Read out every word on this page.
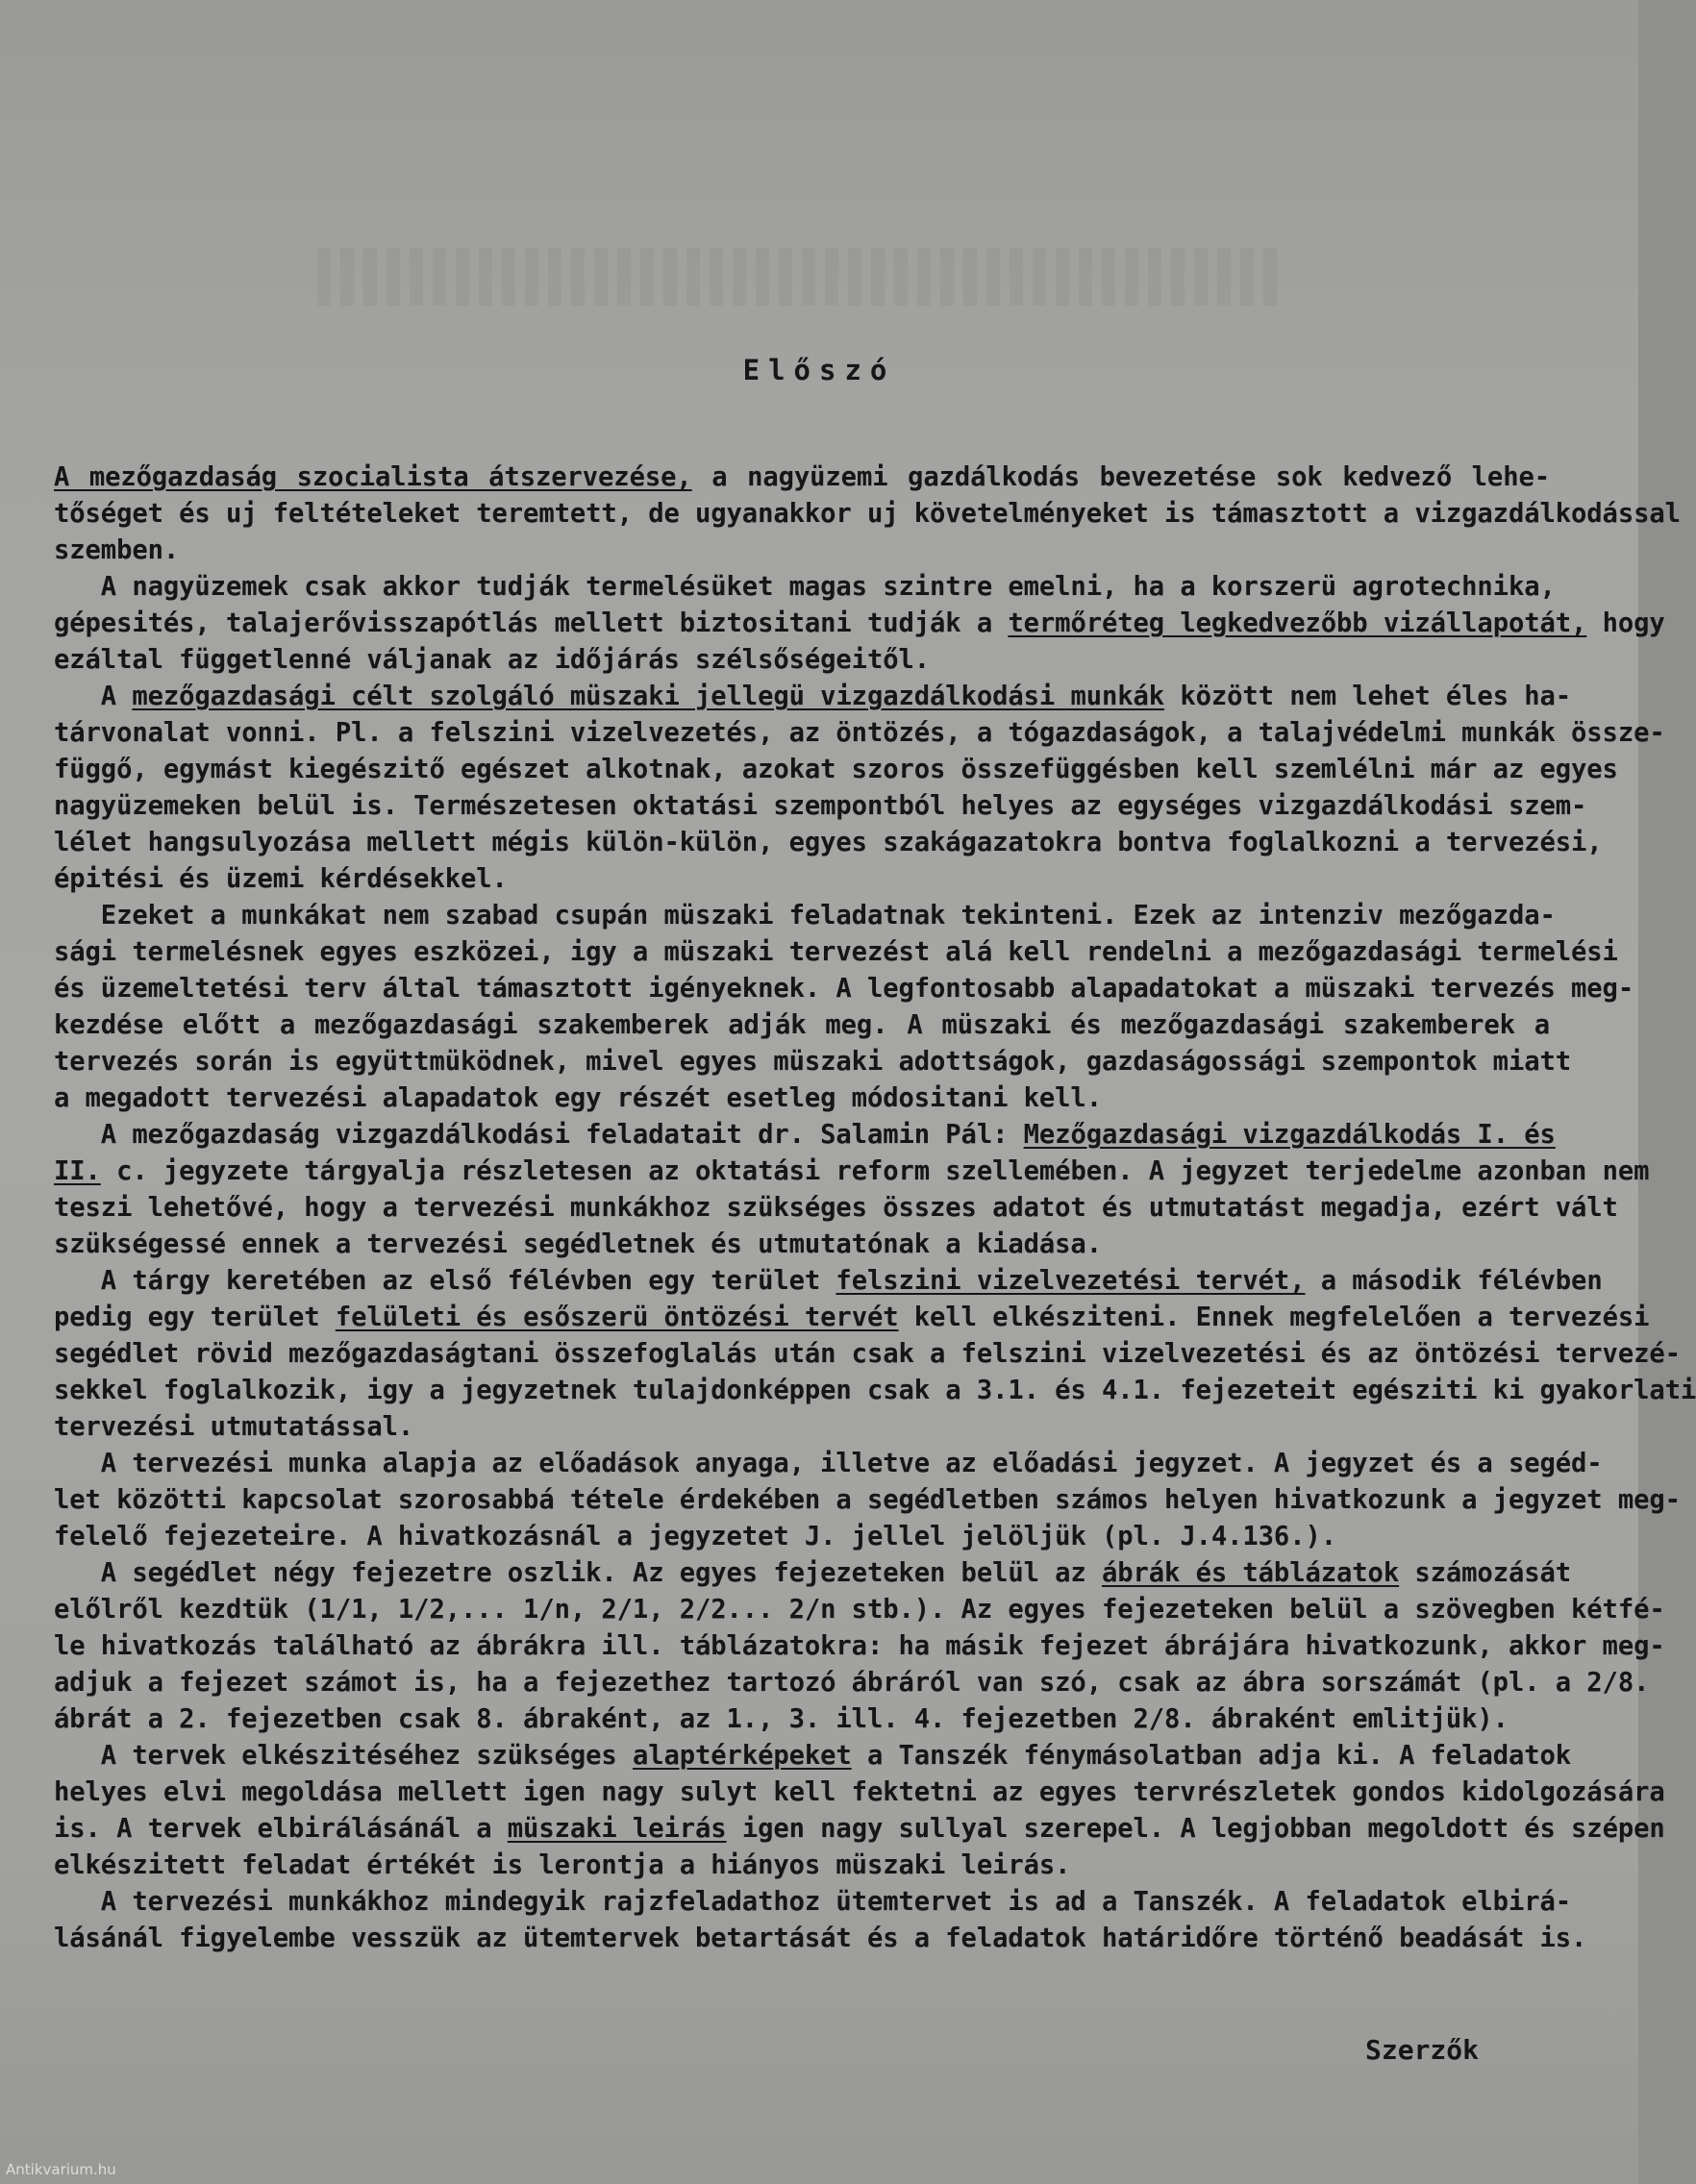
Előszó
A mezőgazdaság szocialista átszervezése, a nagyüzemi gazdálkodás bevezetése sok kedvező lehe-
tőséget és uj feltételeket teremtett, de ugyanakkor uj követelményeket is támasztott a vizgazdálkodással
szemben.
A nagyüzemek csak akkor tudják termelésüket magas szintre emelni, ha a korszerü agrotechnika,
gépesités, talajerővisszapótlás mellett biztositani tudják a termőréteg legkedvezőbb vizállapotát, hogy
ezáltal függetlenné váljanak az időjárás szélsőségeitől.
A mezőgazdasági célt szolgáló müszaki jellegü vizgazdálkodási munkák között nem lehet éles ha-
tárvonalat vonni. Pl. a felszini vizelvezetés, az öntözés, a tógazdaságok, a talajvédelmi munkák össze-
függő, egymást kiegészitő egészet alkotnak, azokat szoros összefüggésben kell szemlélni már az egyes
nagyüzemeken belül is. Természetesen oktatási szempontból helyes az egységes vizgazdálkodási szem-
lélet hangsulyozása mellett mégis külön-külön, egyes szakágazatokra bontva foglalkozni a tervezési,
épitési és üzemi kérdésekkel.
Ezeket a munkákat nem szabad csupán müszaki feladatnak tekinteni. Ezek az intenziv mezőgazda-
sági termelésnek egyes eszközei, igy a müszaki tervezést alá kell rendelni a mezőgazdasági termelési
és üzemeltetési terv által támasztott igényeknek. A legfontosabb alapadatokat a müszaki tervezés meg-
kezdése előtt a mezőgazdasági szakemberek adják meg. A müszaki és mezőgazdasági szakemberek a
tervezés során is együttmüködnek, mivel egyes müszaki adottságok, gazdaságossági szempontok miatt
a megadott tervezési alapadatok egy részét esetleg módositani kell.
A mezőgazdaság vizgazdálkodási feladatait dr. Salamin Pál: Mezőgazdasági vizgazdálkodás I. és
II. c. jegyzete tárgyalja részletesen az oktatási reform szellemében. A jegyzet terjedelme azonban nem
teszi lehetővé, hogy a tervezési munkákhoz szükséges összes adatot és utmutatást megadja, ezért vált
szükségessé ennek a tervezési segédletnek és utmutatónak a kiadása.
A tárgy keretében az első félévben egy terület felszini vizelvezetési tervét, a második félévben
pedig egy terület felületi és esőszerü öntözési tervét kell elkésziteni. Ennek megfelelően a tervezési
segédlet rövid mezőgazdaságtani összefoglalás után csak a felszini vizelvezetési és az öntözési tervezé-
sekkel foglalkozik, igy a jegyzetnek tulajdonképpen csak a 3.1. és 4.1. fejezeteit egésziti ki gyakorlati
tervezési utmutatással.
A tervezési munka alapja az előadások anyaga, illetve az előadási jegyzet. A jegyzet és a segéd-
let közötti kapcsolat szorosabbá tétele érdekében a segédletben számos helyen hivatkozunk a jegyzet meg-
felelő fejezeteire. A hivatkozásnál a jegyzetet J. jellel jelöljük (pl. J.4.136.).
A segédlet négy fejezetre oszlik. Az egyes fejezeteken belül az ábrák és táblázatok számozását
előlről kezdtük (1/1, 1/2,... 1/n, 2/1, 2/2... 2/n stb.). Az egyes fejezeteken belül a szövegben kétfé-
le hivatkozás található az ábrákra ill. táblázatokra: ha másik fejezet ábrájára hivatkozunk, akkor meg-
adjuk a fejezet számot is, ha a fejezethez tartozó ábráról van szó, csak az ábra sorszámát (pl. a 2/8.
ábrát a 2. fejezetben csak 8. ábraként, az 1., 3. ill. 4. fejezetben 2/8. ábraként emlitjük).
A tervek elkészitéséhez szükséges alaptérképeket a Tanszék fénymásolatban adja ki. A feladatok
helyes elvi megoldása mellett igen nagy sulyt kell fektetni az egyes tervrészletek gondos kidolgozására
is. A tervek elbirálásánál a müszaki leirás igen nagy sullyal szerepel. A legjobban megoldott és szépen
elkészitett feladat értékét is lerontja a hiányos müszaki leirás.
A tervezési munkákhoz mindegyik rajzfeladathoz ütemtervet is ad a Tanszék. A feladatok elbirá-
lásánál figyelembe vesszük az ütemtervek betartását és a feladatok határidőre történő beadását is.
Szerzők
Antikvarium.hu
